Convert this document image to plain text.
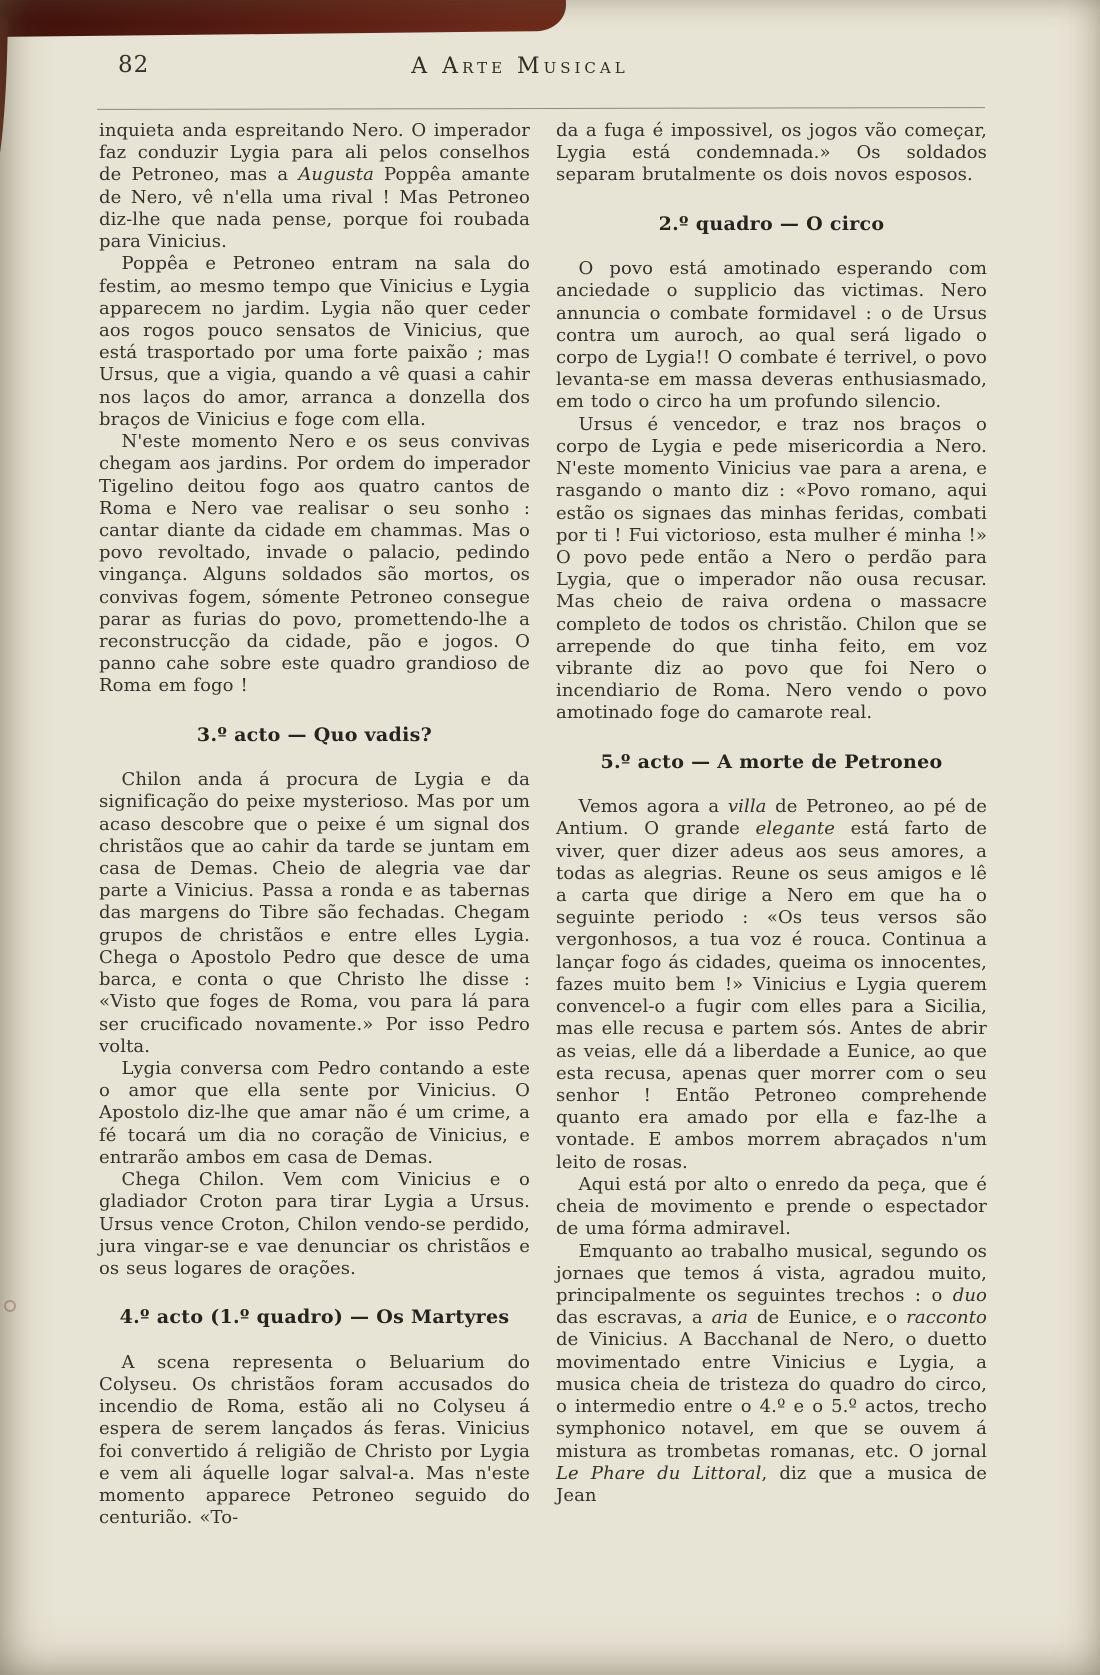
82	A Arte Musical

inquieta anda espreitando Nero. O imperador faz conduzir Lygia para ali pelos conselhos de Petroneo, mas a Augusta Poppêa amante de Nero, vê n'ella uma rival ! Mas Petroneo diz-lhe que nada pense, porque foi roubada para Vinicius.

Poppêa e Petroneo entram na sala do festim, ao mesmo tempo que Vinicius e Lygia apparecem no jardim. Lygia não quer ceder aos rogos pouco sensatos de Vinicius, que está trasportado por uma forte paixão ; mas Ursus, que a vigia, quando a vê quasi a cahir nos laços do amor, arranca a donzella dos braços de Vinicius e foge com ella.

N'este momento Nero e os seus convivas chegam aos jardins. Por ordem do imperador Tigelino deitou fogo aos quatro cantos de Roma e Nero vae realisar o seu sonho : cantar diante da cidade em chammas. Mas o povo revoltado, invade o palacio, pedindo vingança. Alguns soldados são mortos, os convivas fogem, sómente Petroneo consegue parar as furias do povo, promettendo-lhe a reconstrucção da cidade, pão e jogos. O panno cahe sobre este quadro grandioso de Roma em fogo !

3.º acto — Quo vadis?

Chilon anda á procura de Lygia e da significação do peixe mysterioso. Mas por um acaso descobre que o peixe é um signal dos christãos que ao cahir da tarde se juntam em casa de Demas. Cheio de alegria vae dar parte a Vinicius. Passa a ronda e as tabernas das margens do Tibre são fechadas. Chegam grupos de christãos e entre elles Lygia. Chega o Apostolo Pedro que desce de uma barca, e conta o que Christo lhe disse : «Visto que foges de Roma, vou para lá para ser crucificado novamente.» Por isso Pedro volta.

Lygia conversa com Pedro contando a este o amor que ella sente por Vinicius. O Apostolo diz-lhe que amar não é um crime, a fé tocará um dia no coração de Vinicius, e entrarão ambos em casa de Demas.

Chega Chilon. Vem com Vinicius e o gladiador Croton para tirar Lygia a Ursus. Ursus vence Croton, Chilon vendo-se perdido, jura vingar-se e vae denunciar os christãos e os seus logares de orações.

4.º acto (1.º quadro) — Os Martyres

A scena representa o Beluarium do Colyseu. Os christãos foram accusados do incendio de Roma, estão ali no Colyseu á espera de serem lançados ás feras. Vinicius foi convertido á religião de Christo por Lygia e vem ali áquelle logar salval-a. Mas n'este momento apparece Petroneo seguido do centurião. «To-

da a fuga é impossivel, os jogos vão começar, Lygia está condemnada.» Os soldados separam brutalmente os dois novos esposos.

2.º quadro — O circo

O povo está amotinado esperando com anciedade o supplicio das victimas. Nero annuncia o combate formidavel : o de Ursus contra um auroch, ao qual será ligado o corpo de Lygia!! O combate é terrivel, o povo levanta-se em massa deveras enthusiasmado, em todo o circo ha um profundo silencio.

Ursus é vencedor, e traz nos braços o corpo de Lygia e pede misericordia a Nero. N'este momento Vinicius vae para a arena, e rasgando o manto diz : «Povo romano, aqui estão os signaes das minhas feridas, combati por ti ! Fui victorioso, esta mulher é minha !» O povo pede então a Nero o perdão para Lygia, que o imperador não ousa recusar. Mas cheio de raiva ordena o massacre completo de todos os christão. Chilon que se arrepende do que tinha feito, em voz vibrante diz ao povo que foi Nero o incendiario de Roma. Nero vendo o povo amotinado foge do camarote real.

5.º acto — A morte de Petroneo

Vemos agora a villa de Petroneo, ao pé de Antium. O grande elegante está farto de viver, quer dizer adeus aos seus amores, a todas as alegrias. Reune os seus amigos e lê a carta que dirige a Nero em que ha o seguinte periodo : «Os teus versos são vergonhosos, a tua voz é rouca. Continua a lançar fogo ás cidades, queima os innocentes, fazes muito bem !» Vinicius e Lygia querem convencel-o a fugir com elles para a Sicilia, mas elle recusa e partem sós. Antes de abrir as veias, elle dá a liberdade a Eunice, ao que esta recusa, apenas quer morrer com o seu senhor ! Então Petroneo comprehende quanto era amado por ella e faz-lhe a vontade. E ambos morrem abraçados n'um leito de rosas.

Aqui está por alto o enredo da peça, que é cheia de movimento e prende o espectador de uma fórma admiravel.

Emquanto ao trabalho musical, segundo os jornaes que temos á vista, agradou muito, principalmente os seguintes trechos : o duo das escravas, a aria de Eunice, e o racconto de Vinicius. A Bacchanal de Nero, o duetto movimentado entre Vinicius e Lygia, a musica cheia de tristeza do quadro do circo, o intermedio entre o 4.º e o 5.º actos, trecho symphonico notavel, em que se ouvem á mistura as trombetas romanas, etc. O jornal Le Phare du Littoral, diz que a musica de Jean
